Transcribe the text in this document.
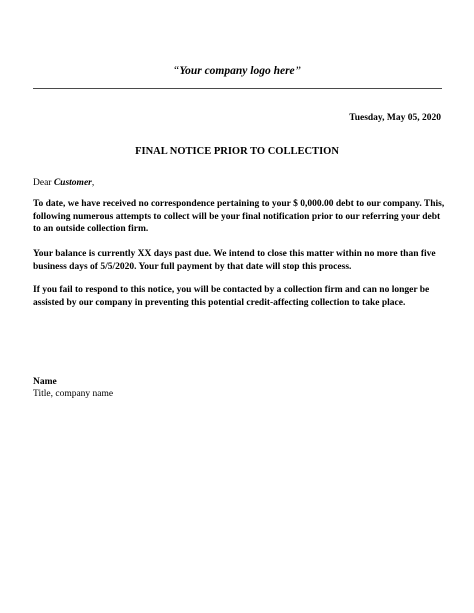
“Your company logo here”
Tuesday, May 05, 2020
FINAL NOTICE PRIOR TO COLLECTION
Dear Customer,
To date, we have received no correspondence pertaining to your $ 0,000.00 debt to our company. This, following numerous attempts to collect will be your final notification prior to our referring your debt to an outside collection firm.
Your balance is currently XX days past due. We intend to close this matter within no more than five business days of 5/5/2020. Your full payment by that date will stop this process.
If you fail to respond to this notice, you will be contacted by a collection firm and can no longer be assisted by our company in preventing this potential credit-affecting collection to take place.
Name
Title, company name
